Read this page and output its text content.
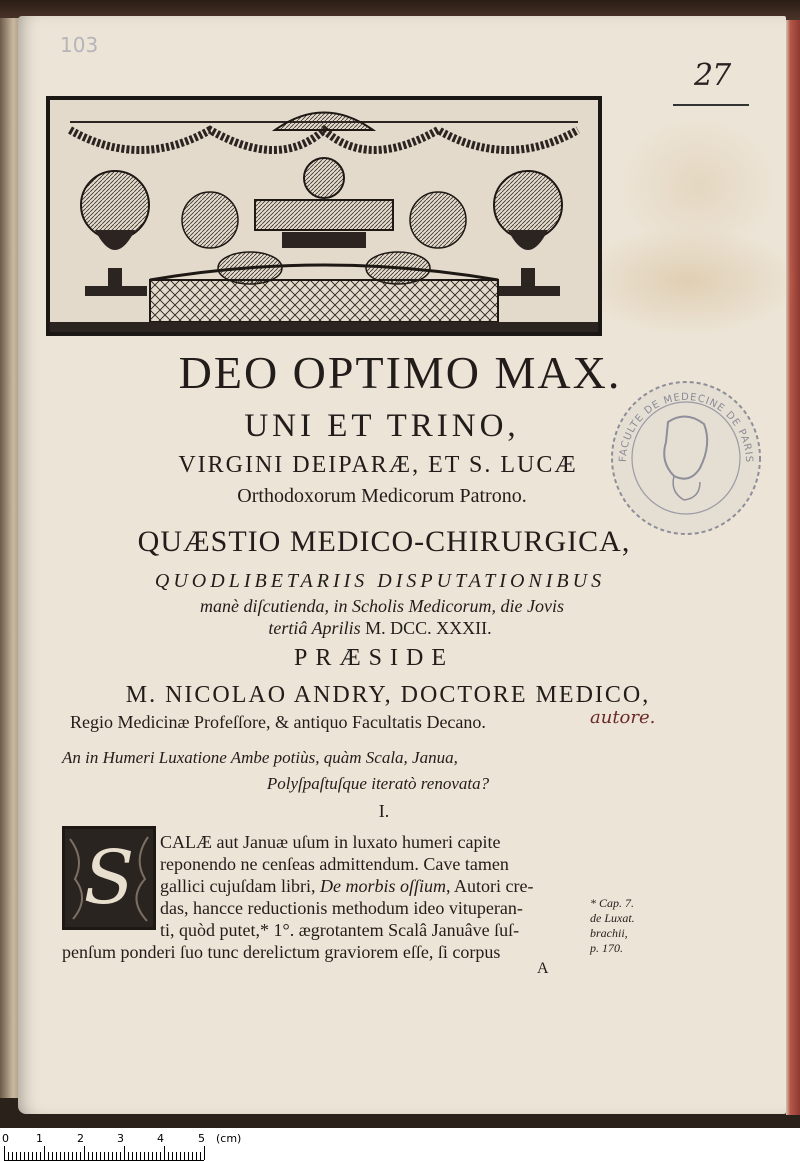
103
27
FACULTE DE MEDECINE DE PARIS
DEO OPTIMO MAX.
UNI ET TRINO,
VIRGINI DEIPARÆ, ET S. LUCÆ
Orthodoxorum Medicorum Patrono.
QUÆSTIO MEDICO-CHIRURGICA,
QUODLIBETARIIS DISPUTATIONIBUS
manè diſcutienda, in Scholis Medicorum, die Jovis
tertiâ Aprilis M. DCC. XXXII.
PRÆSIDE
M. NICOLAO ANDRY, DOCTORE MEDICO,
Regio Medicinæ Profeſſore, & antiquo Facultatis Decano.	autore.
An in Humeri Luxatione Ambe potiùs, quàm Scala, Janua,
Polyſpaſtuſque iteratò renovata?
I.
S	CALÆ aut Januæ uſum in luxato humeri capite
reponendo ne cenſeas admittendum. Cave tamen
gallici cujuſdam libri, De morbis oſſium, Autori cre-
das, hancce reductionis methodum ideo vituperan-
ti, quòd putet,* 1°. ægrotantem Scalâ Januâve ſuſ-
penſum ponderi ſuo tunc derelictum graviorem eſſe, ſi corpus
A
* Cap. 7.
de Luxat.
brachii,
p. 170.
0 1	2	3	4	5 (cm)
